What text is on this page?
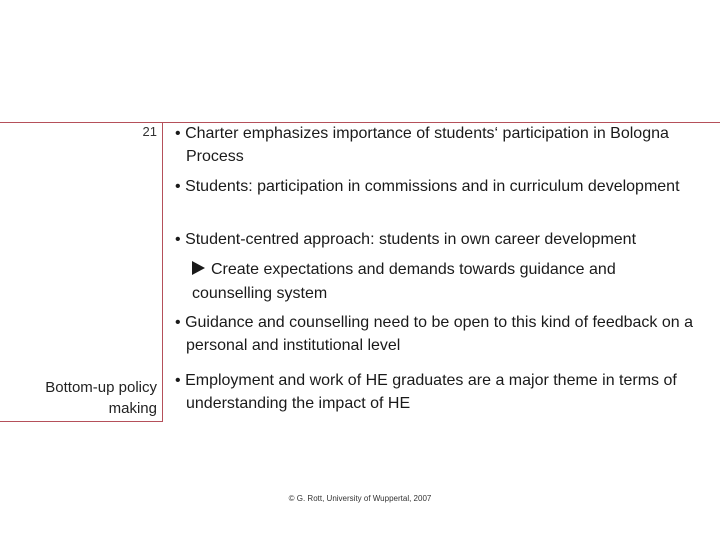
21
Bottom-up policy making
• Charter emphasizes importance of students‘ participation in Bologna Process
• Students: participation in commissions and in curriculum development
• Student-centred approach: students in own career development
Create expectations and demands towards guidance and counselling system
• Guidance and counselling need to be open to this kind of feedback on a personal and institutional level
• Employment and work of HE graduates are a major theme in terms of understanding the impact of HE
© G. Rott, University of Wuppertal, 2007
